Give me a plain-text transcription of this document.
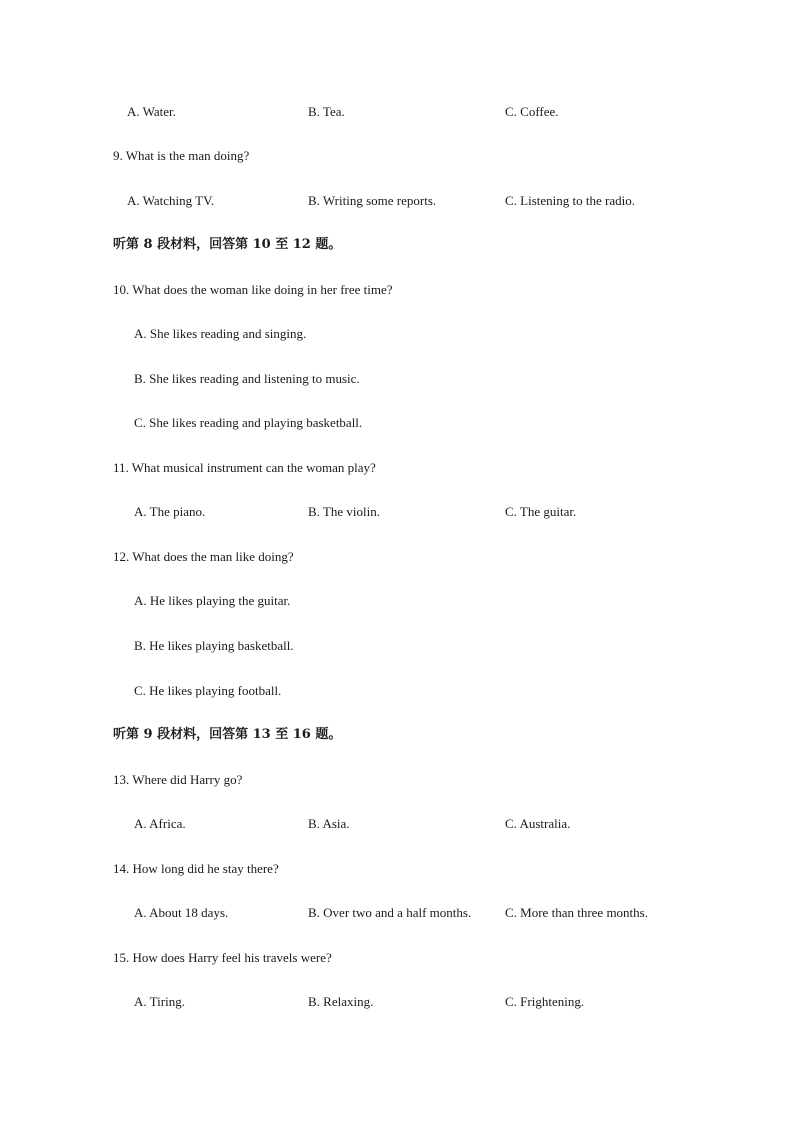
A. Water.	B. Tea.	C. Coffee.
9. What is the man doing?
A. Watching TV.	B. Writing some reports.	C. Listening to the radio.
听第 8 段材料，回答第 10 至 12 题。
10. What does the woman like doing in her free time?
A. She likes reading and singing.
B. She likes reading and listening to music.
C. She likes reading and playing basketball.
11. What musical instrument can the woman play?
A. The piano.	B. The violin.	C. The guitar.
12. What does the man like doing?
A. He likes playing the guitar.
B. He likes playing basketball.
C. He likes playing football.
听第 9 段材料，回答第 13 至 16 题。
13. Where did Harry go?
A. Africa.	B. Asia.	C. Australia.
14. How long did he stay there?
A. About 18 days.	B. Over two and a half months.	C. More than three months.
15. How does Harry feel his travels were?
A. Tiring.	B. Relaxing.	C. Frightening.
